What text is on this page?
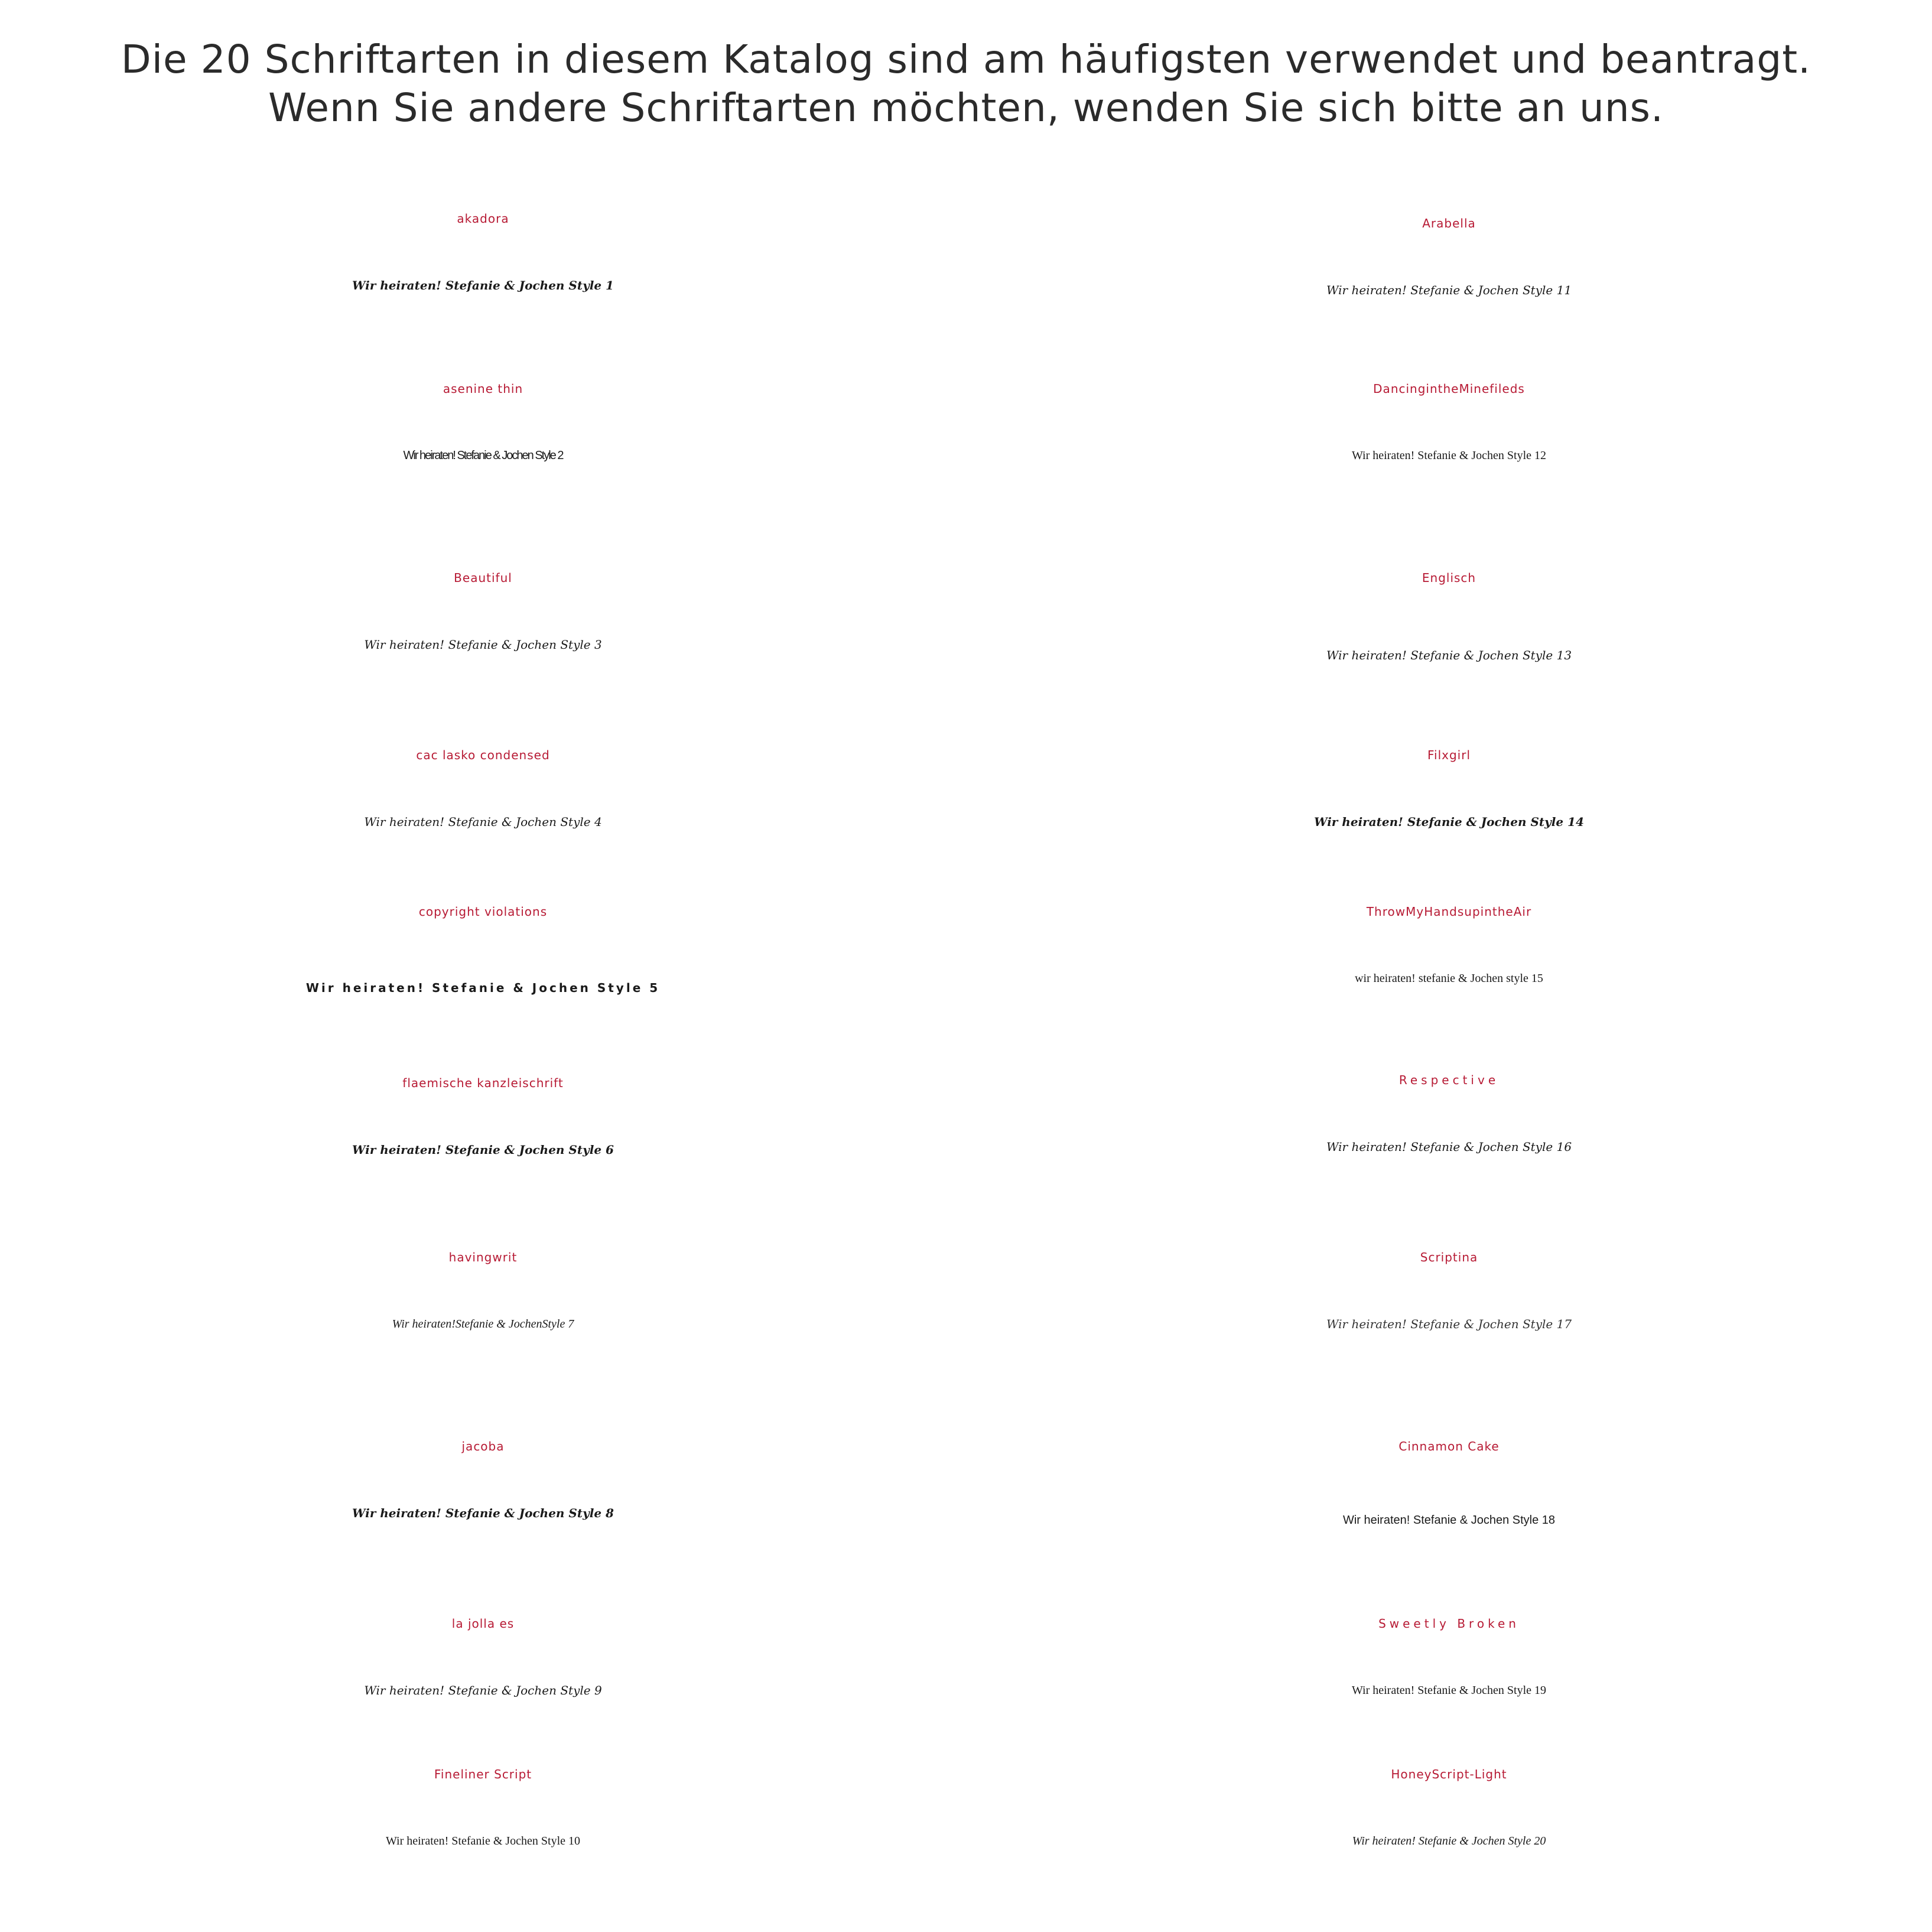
Die 20 Schriftarten in diesem Katalog sind am häufigsten verwendet und beantragt.
Wenn Sie andere Schriftarten möchten, wenden Sie sich bitte an uns.
akadora
Wir heiraten! Stefanie & Jochen Style 1
asenine thin
Wir heiraten! Stefanie & Jochen Style 2
Beautiful
Wir heiraten! Stefanie & Jochen Style 3
cac lasko condensed
Wir heiraten! Stefanie & Jochen Style 4
copyright violations
Wir heiraten! Stefanie & Jochen Style 5
flaemische kanzleischrift
Wir heiraten! Stefanie & Jochen Style 6
havingwrit
Wir heiraten!Stefanie & JochenStyle 7
jacoba
Wir heiraten! Stefanie & Jochen Style 8
la jolla es
Wir heiraten! Stefanie & Jochen Style 9
Fineliner Script
Wir heiraten! Stefanie & Jochen Style 10
Arabella
Wir heiraten! Stefanie & Jochen Style 11
DancingintheMinefileds
Wir heiraten! Stefanie & Jochen Style 12
Englisch
Wir heiraten! Stefanie & Jochen Style 13
Filxgirl
Wir heiraten! Stefanie & Jochen Style 14
ThrowMyHandsupintheAir
wir heiraten! stefanie & Jochen style 15
Respective
Wir heiraten! Stefanie & Jochen Style 16
Scriptina
Wir heiraten! Stefanie & Jochen Style 17
Cinnamon Cake
Wir heiraten! Stefanie & Jochen Style 18
Sweetly Broken
Wir heiraten! Stefanie & Jochen Style 19
HoneyScript-Light
Wir heiraten! Stefanie & Jochen Style 20
